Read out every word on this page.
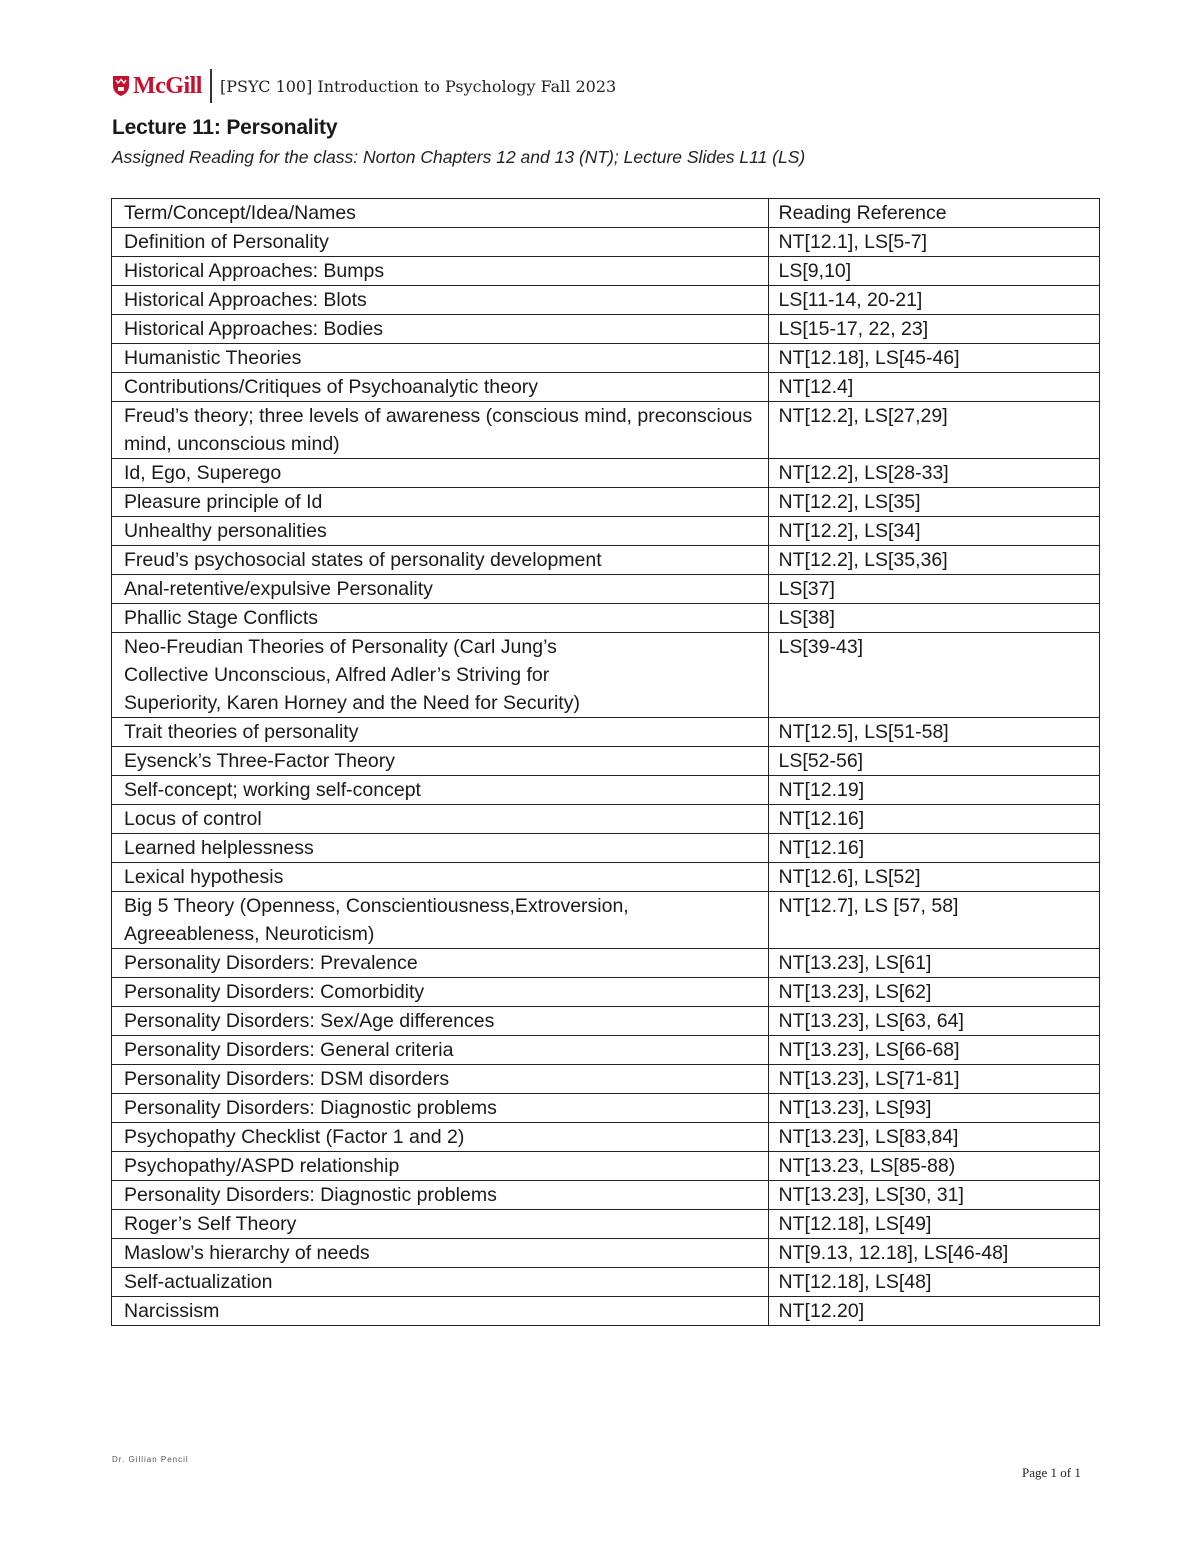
McGill [PSYC 100] Introduction to Psychology Fall 2023
Lecture 11: Personality
Assigned Reading for the class: Norton Chapters 12 and 13 (NT); Lecture Slides L11 (LS)
Term/Concept/Idea/Names	Reading Reference
Definition of Personality	NT[12.1], LS[5-7]
Historical Approaches: Bumps	LS[9,10]
Historical Approaches: Blots	LS[11-14, 20-21]
Historical Approaches: Bodies	LS[15-17, 22, 23]
Humanistic Theories	NT[12.18], LS[45-46]
Contributions/Critiques of Psychoanalytic theory	NT[12.4]
Freud’s theory; three levels of awareness (conscious mind, preconscious mind, unconscious mind)	NT[12.2], LS[27,29]
Id, Ego, Superego	NT[12.2], LS[28-33]
Pleasure principle of Id	NT[12.2], LS[35]
Unhealthy personalities	NT[12.2], LS[34]
Freud’s psychosocial states of personality development	NT[12.2], LS[35,36]
Anal-retentive/expulsive Personality	LS[37]
Phallic Stage Conflicts	LS[38]
Neo-Freudian Theories of Personality (Carl Jung’s Collective Unconscious, Alfred Adler’s Striving for Superiority, Karen Horney and the Need for Security)	LS[39-43]
Trait theories of personality	NT[12.5], LS[51-58]
Eysenck’s Three-Factor Theory	LS[52-56]
Self-concept; working self-concept	NT[12.19]
Locus of control	NT[12.16]
Learned helplessness	NT[12.16]
Lexical hypothesis	NT[12.6], LS[52]
Big 5 Theory (Openness, Conscientiousness,Extroversion, Agreeableness, Neuroticism)	NT[12.7], LS [57, 58]
Personality Disorders: Prevalence	NT[13.23], LS[61]
Personality Disorders: Comorbidity	NT[13.23], LS[62]
Personality Disorders: Sex/Age differences	NT[13.23], LS[63, 64]
Personality Disorders: General criteria	NT[13.23], LS[66-68]
Personality Disorders: DSM disorders	NT[13.23], LS[71-81]
Personality Disorders: Diagnostic problems	NT[13.23], LS[93]
Psychopathy Checklist (Factor 1 and 2)	NT[13.23], LS[83,84]
Psychopathy/ASPD relationship	NT[13.23, LS[85-88)
Personality Disorders: Diagnostic problems	NT[13.23], LS[30, 31]
Roger’s Self Theory	NT[12.18], LS[49]
Maslow’s hierarchy of needs	NT[9.13, 12.18], LS[46-48]
Self-actualization	NT[12.18], LS[48]
Narcissism	NT[12.20]
Dr. Gillian Pencil
Page 1 of 1
